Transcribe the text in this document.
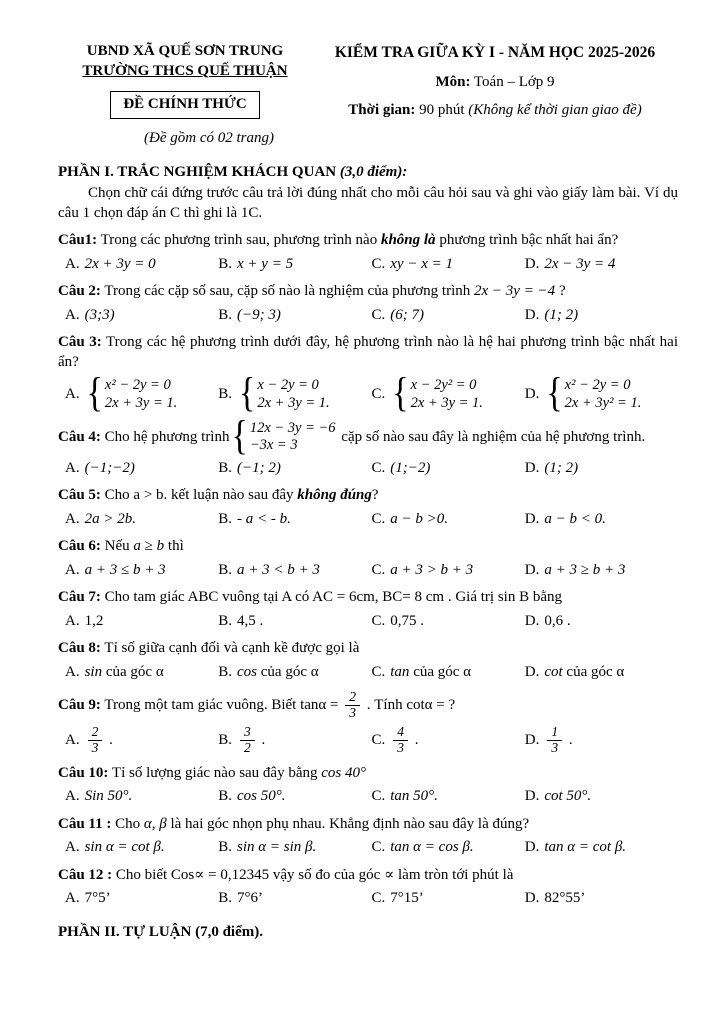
UBND XÃ QUẾ SƠN TRUNG
TRƯỜNG THCS QUẾ THUẬN
ĐỀ CHÍNH THỨC
KIỂM TRA GIỮA KỲ I - NĂM HỌC 2025-2026
Môn: Toán – Lớp 9
Thời gian: 90 phút (Không kể thời gian giao đề)
(Đề gồm có 02 trang)
PHẦN I. TRẮC NGHIỆM KHÁCH QUAN (3,0 điểm):

Chọn chữ cái đứng trước câu trả lời đúng nhất cho mỗi câu hỏi sau và ghi vào giấy làm bài. Ví dụ câu 1 chọn đáp án C thì ghi là 1C.

Câu1: Trong các phương trình sau, phương trình nào không là phương trình bậc nhất hai ẩn?

A. 2x + 3y = 0	B. x + y = 5	C. xy − x = 1	D. 2x − 3y = 4

Câu 2: Trong các cặp số sau, cặp số nào là nghiệm của phương trình 2x − 3y = −4 ?

A. (3;3)	B. (−9; 3)	C. (6; 7)	D. (1; 2)

Câu 3: Trong các hệ phương trình dưới đây, hệ phương trình nào là hệ hai phương trình bậc nhất hai ẩn?

A. { x² − 2y = 0
2x + 3y = 1.
B. { x − 2y = 0
2x + 3y = 1.
C. { x − 2y² = 0
2x + 3y = 1.
D. { x² − 2y = 0
2x + 3y² = 1.

Câu 4: Cho hệ phương trình { 12x − 3y = −6
−3x = 3
cặp số nào sau đây là nghiệm của hệ phương trình.

A. (−1;−2)	B. (−1; 2)	C. (1;−2)	D. (1; 2)

Câu 5: Cho a > b. kết luận nào sau đây không đúng?

A. 2a > 2b.	B. - a < - b.	C. a − b >0.	D. a − b < 0.

Câu 6: Nếu a ≥ b thì

A. a + 3 ≤ b + 3	B. a + 3 < b + 3	C. a + 3 > b + 3	D. a + 3 ≥ b + 3

Câu 7: Cho tam giác ABC vuông tại A có AC = 6cm, BC= 8 cm . Giá trị sin B bằng

A. 1,2	B. 4,5 .	C. 0,75 .	D. 0,6 .

Câu 8: Tỉ số giữa cạnh đối và cạnh kề được gọi là

A. sin của góc α	B. cos của góc α	C. tan của góc α	D. cot của góc α

Câu 9: Trong một tam giác vuông. Biết $\tan\alpha = \frac{2}{3}$ . Tính cotα = ?

A. $\frac{2}{3}$ .	B. $\frac{3}{2}$ .	C. $\frac{4}{3}$ .	D. $\frac{1}{3}$ .

Câu 10: Tỉ số lượng giác nào sau đây bằng cos 40°

A. Sin 50°.	B. cos 50°.	C. tan 50°.	D. cot 50°.

Câu 11 : Cho α, β là hai góc nhọn phụ nhau. Khẳng định nào sau đây là đúng?

A. sin α = cot β.	B. sin α = sin β.	C. tan α = cos β.	D. tan α = cot β.

Câu 12 : Cho biết Cos∝ = 0,12345 vậy số đo của góc ∝ làm tròn tới phút là

A. 7°5’	B. 7°6’	C. 7°15’	D. 82°55’
PHẦN II. TỰ LUẬN (7,0 điểm).
